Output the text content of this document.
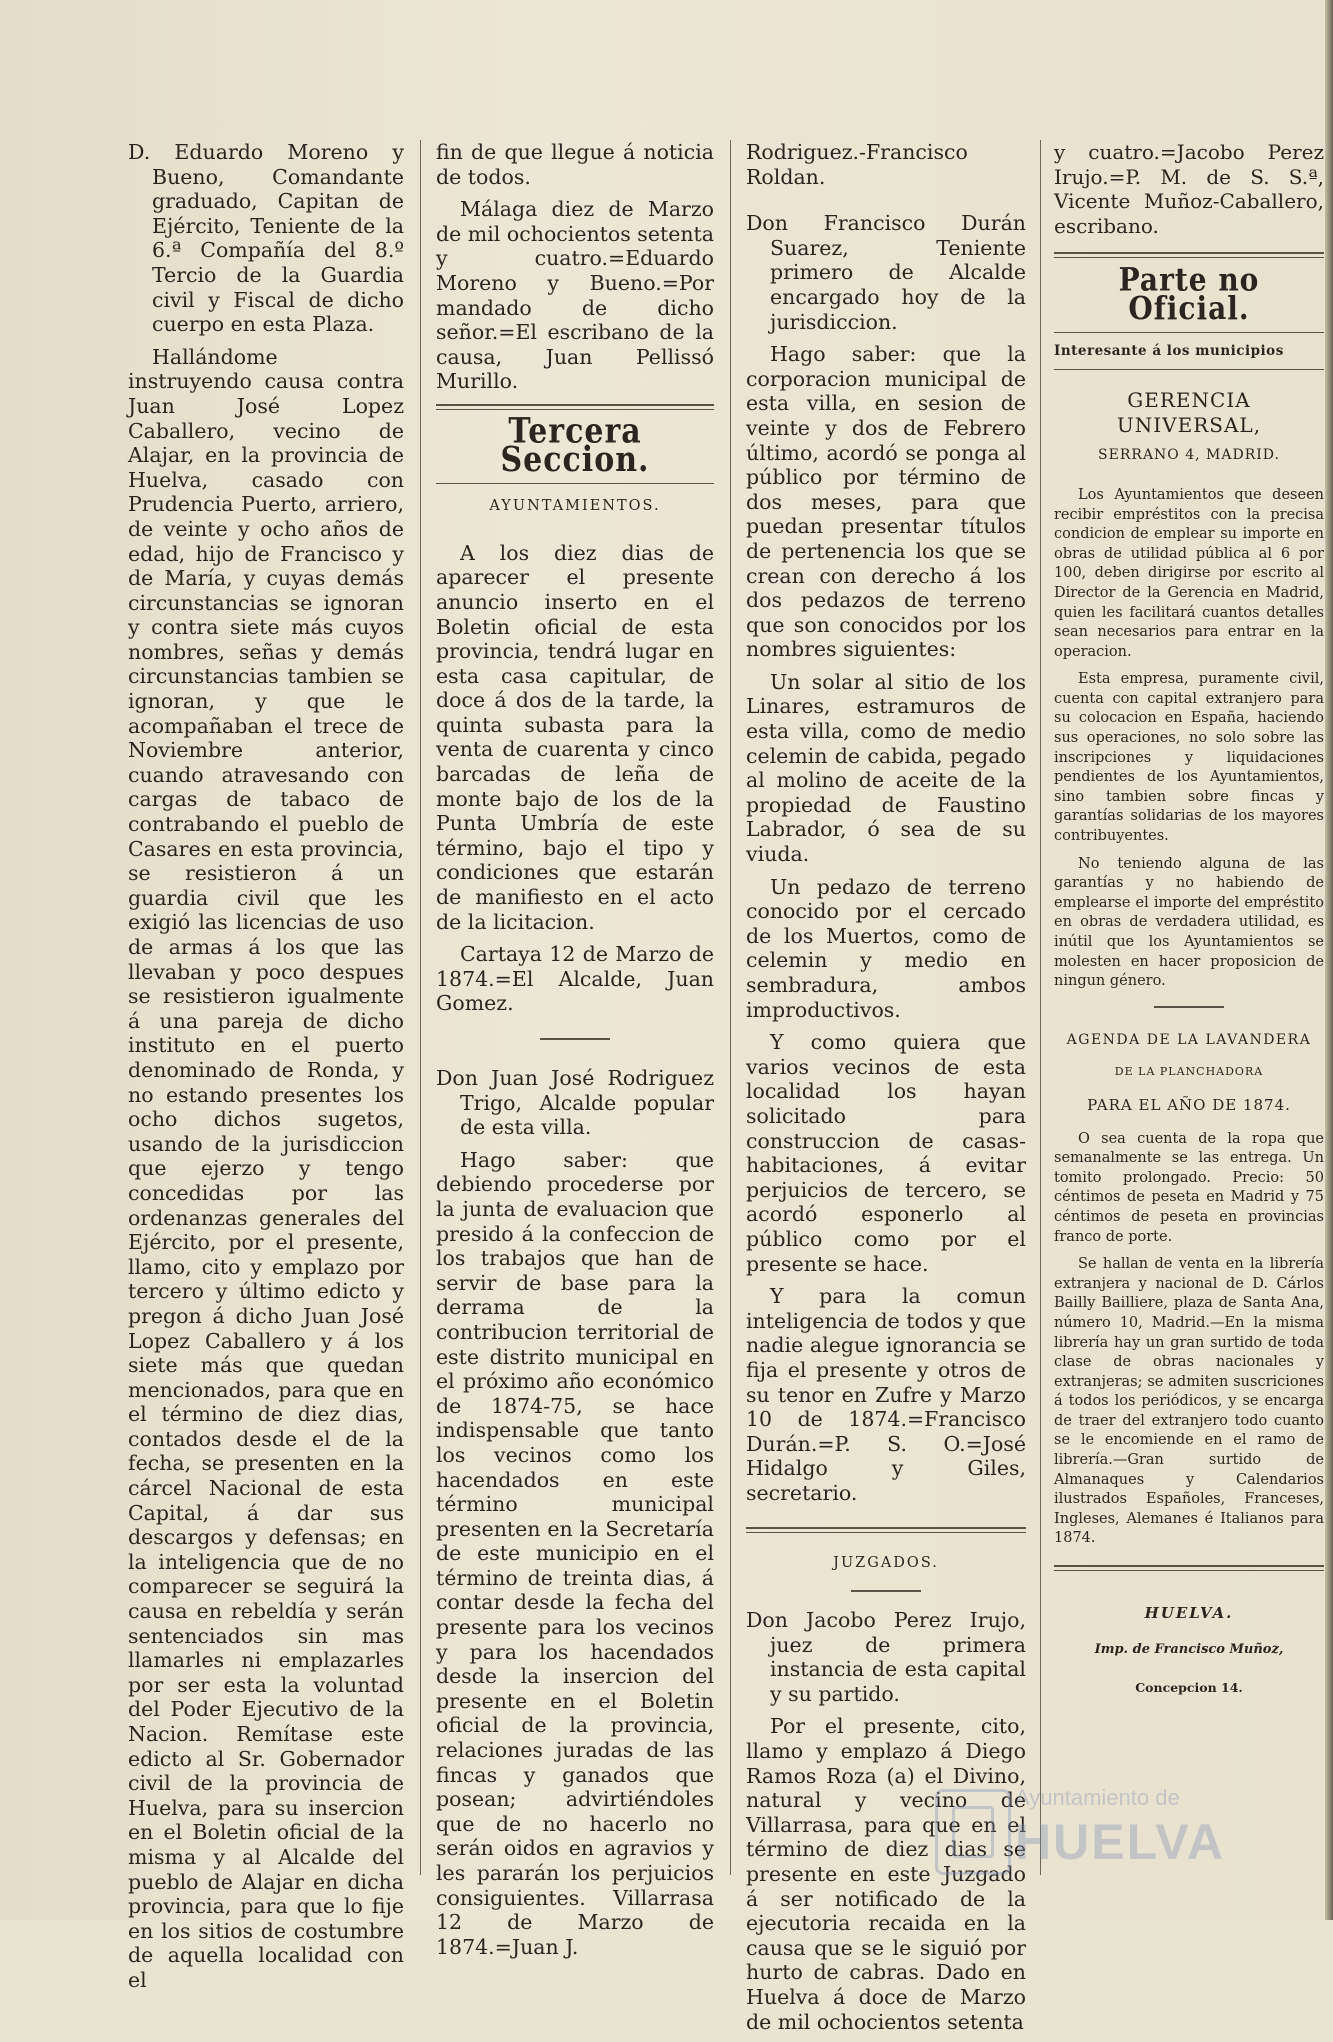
D. Eduardo Moreno y Bueno, Comandante graduado, Capitan de Ejército, Teniente de la 6.ª Compañía del 8.º Tercio de la Guardia civil y Fiscal de dicho cuerpo en esta Plaza.

Hallándome instruyendo causa contra Juan José Lopez Caballero, vecino de Alajar, en la provincia de Huelva, casado con Prudencia Puerto, arriero, de veinte y ocho años de edad, hijo de Francisco y de María, y cuyas demás circunstancias se ignoran y contra siete más cuyos nombres, señas y demás circunstancias tambien se ignoran, y que le acompañaban el trece de Noviembre anterior, cuando atravesando con cargas de tabaco de contrabando el pueblo de Casares en esta provincia, se resistieron á un guardia civil que les exigió las licencias de uso de armas á los que las llevaban y poco despues se resistieron igualmente á una pareja de dicho instituto en el puerto denominado de Ronda, y no estando presentes los ocho dichos sugetos, usando de la jurisdiccion que ejerzo y tengo concedidas por las ordenanzas generales del Ejército, por el presente, llamo, cito y emplazo por tercero y último edicto y pregon á dicho Juan José Lopez Caballero y á los siete más que quedan mencionados, para que en el término de diez dias, contados desde el de la fecha, se presenten en la cárcel Nacional de esta Capital, á dar sus descargos y defensas; en la inteligencia que de no comparecer se seguirá la causa en rebeldía y serán sentenciados sin mas llamarles ni emplazarles por ser esta la voluntad del Poder Ejecutivo de la Nacion. Remítase este edicto al Sr. Gobernador civil de la provincia de Huelva, para su insercion en el Boletin oficial de la misma y al Alcalde del pueblo de Alajar en dicha provincia, para que lo fije en los sitios de costumbre de aquella localidad con el

fin de que llegue á noticia de todos.

Málaga diez de Marzo de mil ochocientos setenta y cuatro.=Eduardo Moreno y Bueno.=Por mandado de dicho señor.=El escribano de la causa, Juan Pellissó Murillo.

Tercera Seccion.
AYUNTAMIENTOS.

A los diez dias de aparecer el presente anuncio inserto en el Boletin oficial de esta provincia, tendrá lugar en esta casa capitular, de doce á dos de la tarde, la quinta subasta para la venta de cuarenta y cinco barcadas de leña de monte bajo de los de la Punta Umbría de este término, bajo el tipo y condiciones que estarán de manifiesto en el acto de la licitacion.

Cartaya 12 de Marzo de 1874.=El Alcalde, Juan Gomez.

Don Juan José Rodriguez Trigo, Alcalde popular de esta villa.

Hago saber: que debiendo procederse por la junta de evaluacion que presido á la confeccion de los trabajos que han de servir de base para la derrama de la contribucion territorial de este distrito municipal en el próximo año económico de 1874-75, se hace indispensable que tanto los vecinos como los hacendados en este término municipal presenten en la Secretaría de este municipio en el término de treinta dias, á contar desde la fecha del presente para los vecinos y para los hacendados desde la insercion del presente en el Boletin oficial de la provincia, relaciones juradas de las fincas y ganados que posean; advirtiéndoles que de no hacerlo no serán oidos en agravios y les pararán los perjuicios consiguientes. Villarrasa 12 de Marzo de 1874.=Juan J.

Rodriguez.-Francisco Roldan.

Don Francisco Durán Suarez, Teniente primero de Alcalde encargado hoy de la jurisdiccion.

Hago saber: que la corporacion municipal de esta villa, en sesion de veinte y dos de Febrero último, acordó se ponga al público por término de dos meses, para que puedan presentar títulos de pertenencia los que se crean con derecho á los dos pedazos de terreno que son conocidos por los nombres siguientes:

Un solar al sitio de los Linares, estramuros de esta villa, como de medio celemin de cabida, pegado al molino de aceite de la propiedad de Faustino Labrador, ó sea de su viuda.

Un pedazo de terreno conocido por el cercado de los Muertos, como de celemin y medio en sembradura, ambos improductivos.

Y como quiera que varios vecinos de esta localidad los hayan solicitado para construccion de casas-habitaciones, á evitar perjuicios de tercero, se acordó esponerlo al público como por el presente se hace.

Y para la comun inteligencia de todos y que nadie alegue ignorancia se fija el presente y otros de su tenor en Zufre y Marzo 10 de 1874.=Francisco Durán.=P. S. O.=José Hidalgo y Giles, secretario.

JUZGADOS.

Don Jacobo Perez Irujo, juez de primera instancia de esta capital y su partido.

Por el presente, cito, llamo y emplazo á Diego Ramos Roza (a) el Divino, natural y vecino de Villarrasa, para que en el término de diez dias se presente en este Juzgado á ser notificado de la ejecutoria recaida en la causa que se le siguió por hurto de cabras. Dado en Huelva á doce de Marzo de mil ochocientos setenta

y cuatro.=Jacobo Perez Irujo.=P. M. de S. S.ª, Vicente Muñoz-Caballero, escribano.

Parte no Oficial.
Interesante á los municipios
GERENCIA UNIVERSAL,
SERRANO 4, MADRID.

Los Ayuntamientos que deseen recibir empréstitos con la precisa condicion de emplear su importe en obras de utilidad pública al 6 por 100, deben dirigirse por escrito al Director de la Gerencia en Madrid, quien les facilitará cuantos detalles sean necesarios para entrar en la operacion.

Esta empresa, puramente civil, cuenta con capital extranjero para su colocacion en España, haciendo sus operaciones, no solo sobre las inscripciones y liquidaciones pendientes de los Ayuntamientos, sino tambien sobre fincas y garantías solidarias de los mayores contribuyentes.

No teniendo alguna de las garantías y no habiendo de emplearse el importe del empréstito en obras de verdadera utilidad, es inútil que los Ayuntamientos se molesten en hacer proposicion de ningun género.

AGENDA DE LA LAVANDERA
DE LA PLANCHADORA
PARA EL AÑO DE 1874.

O sea cuenta de la ropa que semanalmente se las entrega. Un tomito prolongado. Precio: 50 céntimos de peseta en Madrid y 75 céntimos de peseta en provincias franco de porte.

Se hallan de venta en la librería extranjera y nacional de D. Cárlos Bailly Bailliere, plaza de Santa Ana, número 10, Madrid.—En la misma librería hay un gran surtido de toda clase de obras nacionales y extranjeras; se admiten suscriciones á todos los periódicos, y se encarga de traer del extranjero todo cuanto se le encomiende en el ramo de librería.—Gran surtido de Almanaques y Calendarios ilustrados Españoles, Franceses, Ingleses, Alemanes é Italianos para 1874.

HUELVA.
Imp. de Francisco Muñoz,
Concepcion 14.
Ayuntamiento de
HUELVA
